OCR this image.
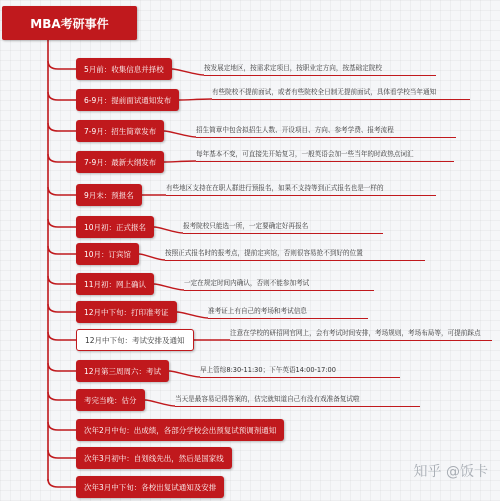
MBA考研事件
5月前：收集信息并择校	按发展定地区，按需求定项目，按职业定方向，按基础定院校
6-9月：提前面试通知发布
有些院校不提前面试，或者有些院校全日制无提前面试，具体看学校当年通知
7-9月：招生简章发布	招生简章中包含拟招生人数、开设项目、方向、参考学费、报考流程
7-9月：最新大纲发布
每年基本不变，可直接先开始复习，一般英语会加一些当年的时政热点词汇
9月末：预报名
有些地区支持在在职人群进行预报名，如果不支持等到正式报名也是一样的
10月初：正式报名	报考院校只能选一所，一定要确定好再报名
10月：订宾馆	按照正式报名时的报考点，提前定宾馆，否则很容易抢不到好的位置
11月初：网上确认	一定在规定时间内确认，否则不能参加考试
12月中下旬：打印准考证	准考证上有自己的考场和考试信息
12月中下旬：考试安排及通知
注意在学校的研招网官网上，会有考试时间安排，考场规则，考场布局等，可提前踩点
12月第三周周六：考试	早上管综8:30-11:30；下午英语14:00-17:00
考完当晚：估分	当天是最容易记得答案的，估完就知道自己有没有戏准备复试啦
次年2月中旬：出成绩，各部分学校会出预复试预调剂通知
次年3月初中：自划线先出，然后是国家线
次年3月中下旬：各校出复试通知及安排
知乎 @饭卡
